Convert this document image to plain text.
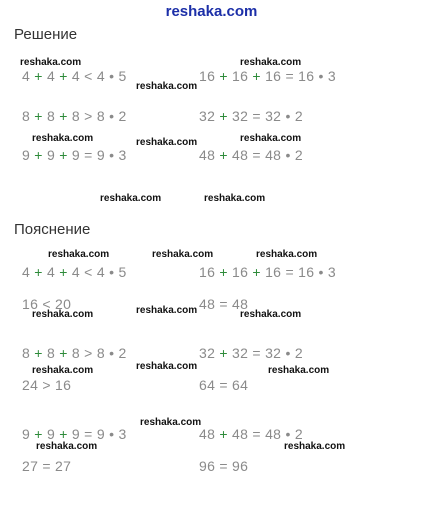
reshaka.com
Решение
4 + 4 + 4 < 4 • 5	16 + 16 + 16 = 16 • 3
8 + 8 + 8 > 8 • 2	32 + 32 = 32 • 2
9 + 9 + 9 = 9 • 3	48 + 48 = 48 • 2
Пояснение
4 + 4 + 4 < 4 • 5	16 + 16 + 16 = 16 • 3
16 < 20	48 = 48
8 + 8 + 8 > 8 • 2	32 + 32 = 32 • 2
24 > 16	64 = 64
9 + 9 + 9 = 9 • 3	48 + 48 = 48 • 2
27 = 27	96 = 96
reshaka.com	reshaka.com
reshaka.com
reshaka.com	reshaka.com
reshaka.com
reshaka.com	reshaka.com
reshaka.com	reshaka.com	reshaka.com
reshaka.com
reshaka.com	reshaka.com
reshaka.com
reshaka.com	reshaka.com
reshaka.com
reshaka.com	reshaka.com
